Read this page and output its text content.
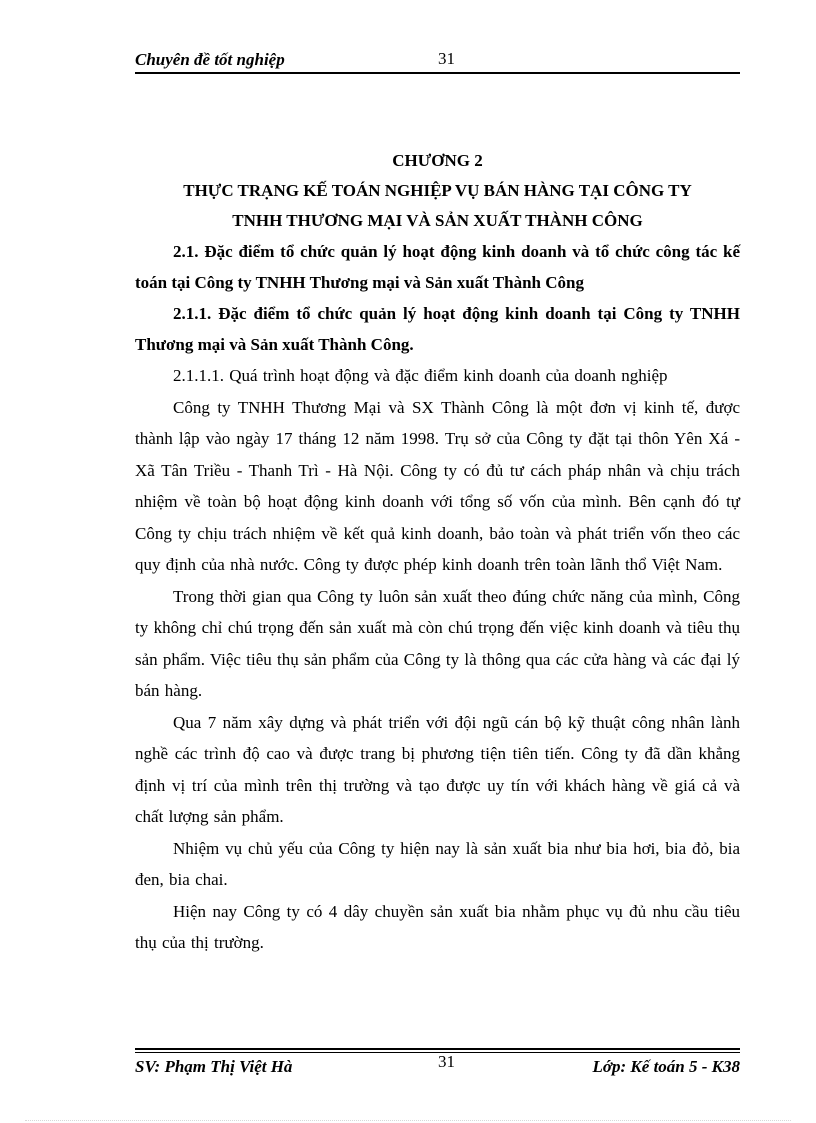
Chuyên đề tốt nghiệp	31

CHƯƠNG 2

THỰC TRẠNG KẾ TOÁN NGHIỆP VỤ BÁN HÀNG TẠI CÔNG TY

TNHH THƯƠNG MẠI VÀ SẢN XUẤT THÀNH CÔNG

2.1. Đặc điểm tổ chức quản lý hoạt động kinh doanh và tổ chức công tác kế toán tại Công ty TNHH Thương mại và Sản xuất Thành Công

2.1.1. Đặc điểm tổ chức quản lý hoạt động kinh doanh tại Công ty TNHH Thương mại và Sản xuất Thành Công.

2.1.1.1. Quá trình hoạt động và đặc điểm kinh doanh của doanh nghiệp

Công ty TNHH Thương Mại và SX Thành Công là một đơn vị kinh tế, được thành lập vào ngày 17 tháng 12 năm 1998. Trụ sở của Công ty đặt tại thôn Yên Xá - Xã Tân Triều - Thanh Trì - Hà Nội. Công ty có đủ tư cách pháp nhân và chịu trách nhiệm về toàn bộ hoạt động kinh doanh với tổng số vốn của mình. Bên cạnh đó tự Công ty chịu trách nhiệm về kết quả kinh doanh, bảo toàn và phát triển vốn theo các quy định của nhà nước. Công ty được phép kinh doanh trên toàn lãnh thổ Việt Nam.

Trong thời gian qua Công ty luôn sản xuất theo đúng chức năng của mình, Công ty không chỉ chú trọng đến sản xuất mà còn chú trọng đến việc kinh doanh và tiêu thụ sản phẩm. Việc tiêu thụ sản phẩm của Công ty là thông qua các cửa hàng và các đại lý bán hàng.

Qua 7 năm xây dựng và phát triển với đội ngũ cán bộ kỹ thuật công nhân lành nghề các trình độ cao và được trang bị phương tiện tiên tiến. Công ty đã dần khẳng định vị trí của mình trên thị trường và tạo được uy tín với khách hàng về giá cả và chất lượng sản phẩm.

Nhiệm vụ chủ yếu của Công ty hiện nay là sản xuất bia như bia hơi, bia đỏ, bia đen, bia chai.

Hiện nay Công ty có 4 dây chuyền sản xuất bia nhằm phục vụ đủ nhu cầu tiêu thụ của thị trường.

SV: Phạm Thị Việt Hà	31	Lớp: Kế toán 5 - K38
